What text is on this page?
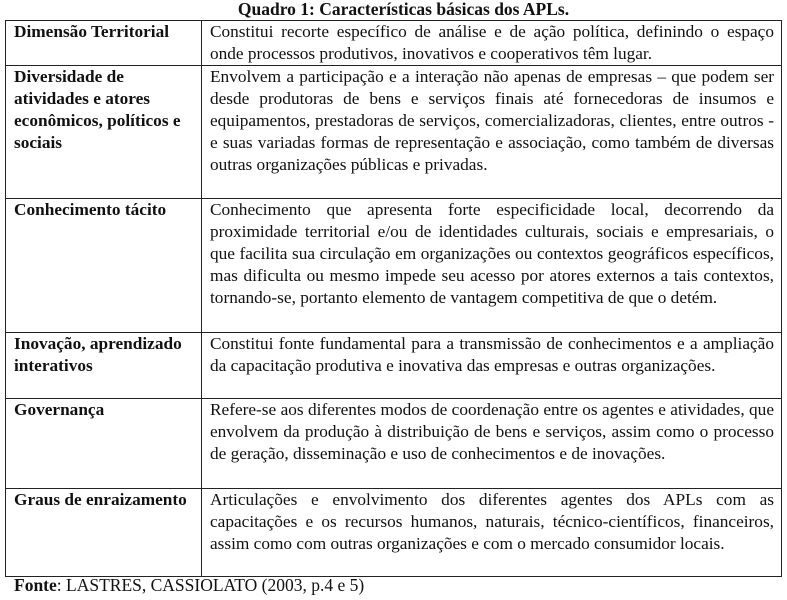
Quadro 1: Características básicas dos APLs.
Dimensão Territorial	Constitui recorte específico de análise e de ação política, definindo o espaço onde processos produtivos, inovativos e cooperativos têm lugar.
Diversidade de atividades e atores econômicos, políticos e sociais	Envolvem a participação e a interação não apenas de empresas – que podem ser desde produtoras de bens e serviços finais até fornecedoras de insumos e equipamentos, prestadoras de serviços, comercializadoras, clientes, entre outros - e suas variadas formas de representação e associação, como também de diversas outras organizações públicas e privadas.
Conhecimento tácito	Conhecimento que apresenta forte especificidade local, decorrendo da proximidade territorial e/ou de identidades culturais, sociais e empresariais, o que facilita sua circulação em organizações ou contextos geográficos específicos, mas dificulta ou mesmo impede seu acesso por atores externos a tais contextos, tornando-se, portanto elemento de vantagem competitiva de que o detém.
Inovação, aprendizado interativos	Constitui fonte fundamental para a transmissão de conhecimentos e a ampliação da capacitação produtiva e inovativa das empresas e outras organizações.
Governança	Refere-se aos diferentes modos de coordenação entre os agentes e atividades, que envolvem da produção à distribuição de bens e serviços, assim como o processo de geração, disseminação e uso de conhecimentos e de inovações.
Graus de enraizamento	Articulações e envolvimento dos diferentes agentes dos APLs com as capacitações e os recursos humanos, naturais, técnico-científicos, financeiros, assim como com outras organizações e com o mercado consumidor locais.
Fonte: LASTRES, CASSIOLATO (2003, p.4 e 5)
